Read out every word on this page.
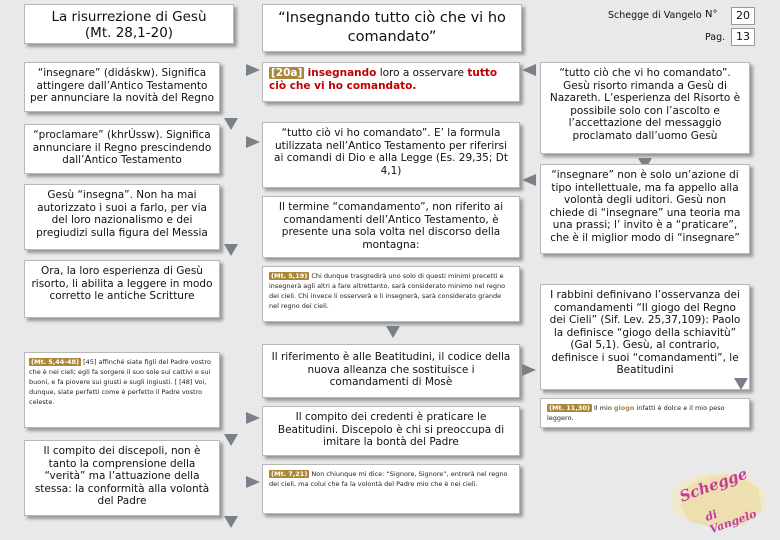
La risurrezione di Gesù
(Mt. 28,1-20)
“Insegnando tutto ciò che vi ho comandato”
Schegge di Vangelo N°	20
Pag. 13
“insegnare” (didáskw). Significa attingere dall’Antico Testamento per annunciare la novità del Regno
“proclamare” (khrÚssw). Significa annunciare il Regno prescindendo dall’Antico Testamento
Gesù “insegna”. Non ha mai autorizzato i suoi a farlo, per via del loro nazionalismo e dei pregiudizi sulla figura del Messia
Ora, la loro esperienza di Gesù risorto, li abilita a leggere in modo corretto le antiche Scritture
(Mt. 5,44-48) [45] affinché siate figli del Padre vostro che è nei cieli; egli fa sorgere il suo sole sui cattivi e sui buoni, e fa piovere sui giusti e sugli ingiusti. [ [48] Voi, dunque, siate perfetti come è perfetto il Padre vostro celeste.
Il compito dei discepoli, non è tanto la comprensione della “verità” ma l’attuazione della stessa: la conformità alla volontà del Padre
[20a] insegnando loro a osservare tutto ciò che vi ho comandato.
“tutto ciò vi ho comandato”. E’ la formula utilizzata nell’Antico Testamento per riferirsi ai comandi di Dio e alla Legge (Es. 29,35; Dt 4,1)
Il termine “comandamento”, non riferito ai comandamenti dell’Antico Testamento, è presente una sola volta nel discorso della montagna:
(Mt. 5,19) Chi dunque trasgredirà uno solo di questi minimi precetti e insegnerà agli altri a fare altrettanto, sarà considerato minimo nel regno dei cieli. Chi invece li osserverà e li insegnerà, sarà considerato grande nel regno dei cieli.
Il riferimento è alle Beatitudini, il codice della nuova alleanza che sostituisce i comandamenti di Mosè
Il compito dei credenti è praticare le Beatitudini. Discepolo è chi si preoccupa di imitare la bontà del Padre
(Mt. 7,21) Non chiunque mi dice: “Signore, Signore”, entrerà nel regno dei cieli, ma colui che fa la volontà del Padre mio che è nei cieli.
“tutto ciò che vi ho comandato”. Gesù risorto rimanda a Gesù di Nazareth. L’esperienza del Risorto è possibile solo con l’ascolto e l’accettazione del messaggio proclamato dall’uomo Gesù
“insegnare” non è solo un’azione di tipo intellettuale, ma fa appello alla volontà degli uditori. Gesù non chiede di “insegnare” una teoria ma una prassi; l’ invito è a “praticare”, che è il miglior modo di “insegnare”
I rabbini definivano l’osservanza dei comandamenti “Il giogo del Regno dei Cieli” (Sif. Lev. 25,37,109): Paolo la definisce “giogo della schiavitù” (Gal 5,1). Gesù, al contrario, definisce i suoi “comandamenti”, le Beatitudini
(Mt. 11,30) Il mio giogo infatti è dolce e il mio peso leggero.
Schegge
di Vangelo
